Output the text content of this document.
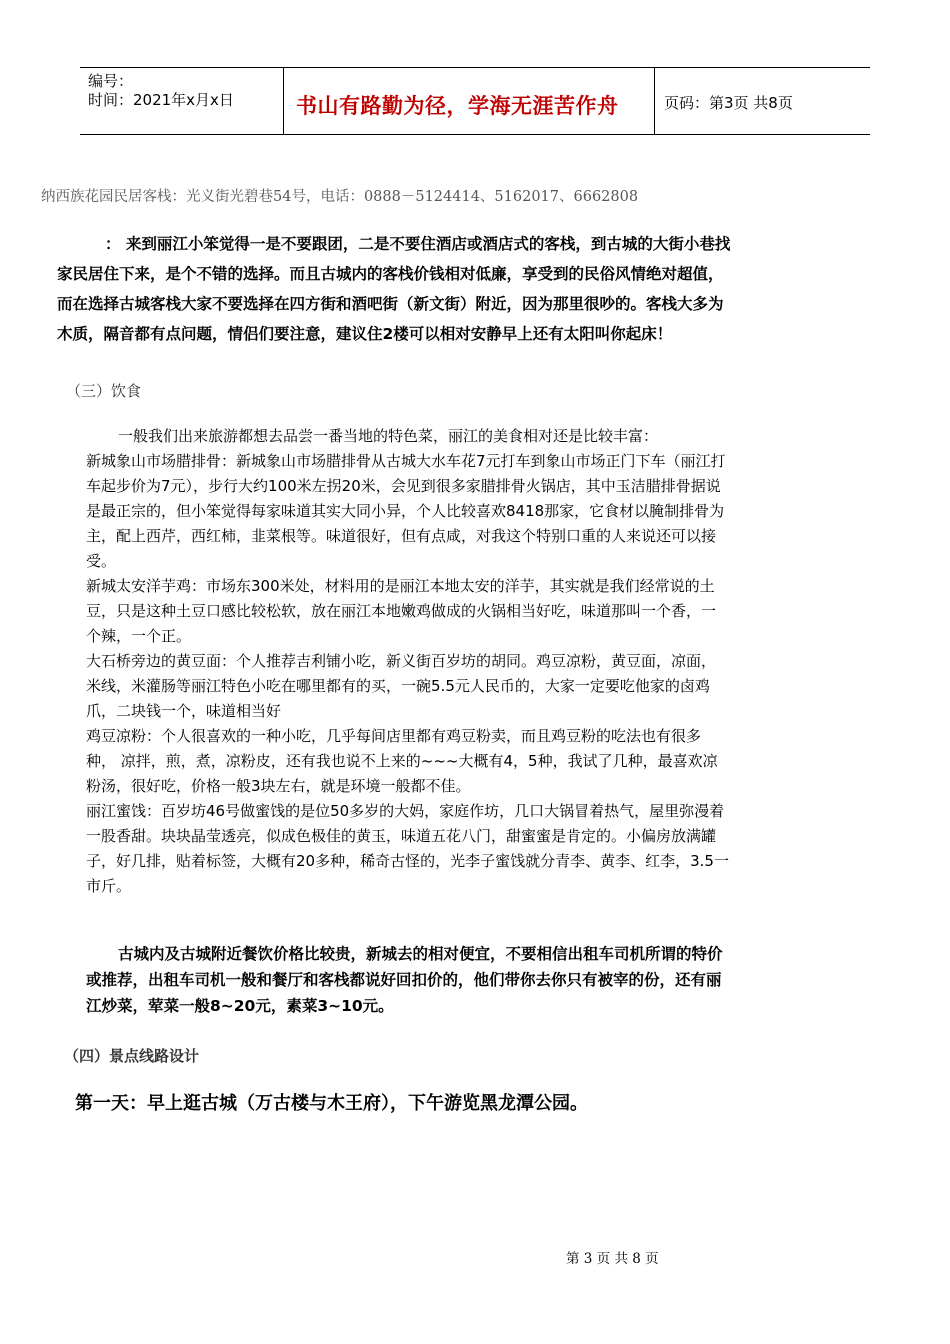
编号：
时间：2021年x月x日	书山有路勤为径，学海无涯苦作舟	页码：第3页 共8页
纳西族花园民居客栈：光义街光碧巷54号，电话：0888－5124414、5162017、6662808

： 来到丽江小笨觉得一是不要跟团，二是不要住酒店或酒店式的客栈，到古城的大街小巷找家民居住下来，是个不错的选择。而且古城内的客栈价钱相对低廉，享受到的民俗风情绝对超值，而在选择古城客栈大家不要选择在四方街和酒吧街（新文街）附近，因为那里很吵的。客栈大多为木质，隔音都有点问题，情侣们要注意，建议住2楼可以相对安静早上还有太阳叫你起床！

（三）饮食

一般我们出来旅游都想去品尝一番当地的特色菜，丽江的美食相对还是比较丰富：

新城象山市场腊排骨：新城象山市场腊排骨从古城大水车花7元打车到象山市场正门下车（丽江打车起步价为7元），步行大约100米左拐20米，会见到很多家腊排骨火锅店，其中玉洁腊排骨据说是最正宗的，但小笨觉得每家味道其实大同小异，个人比较喜欢8418那家，它食材以腌制排骨为主，配上西芹，西红柿，韭菜根等。味道很好，但有点咸，对我这个特别口重的人来说还可以接受。

新城太安洋芋鸡：市场东300米处，材料用的是丽江本地太安的洋芋，其实就是我们经常说的土豆，只是这种土豆口感比较松软，放在丽江本地嫩鸡做成的火锅相当好吃，味道那叫一个香，一个辣，一个正。

大石桥旁边的黄豆面：个人推荐吉利铺小吃，新义街百岁坊的胡同。鸡豆凉粉，黄豆面，凉面，米线，米灌肠等丽江特色小吃在哪里都有的买，一碗5.5元人民币的，大家一定要吃他家的卤鸡爪，二块钱一个，味道相当好

鸡豆凉粉：个人很喜欢的一种小吃，几乎每间店里都有鸡豆粉卖，而且鸡豆粉的吃法也有很多种， 凉拌，煎，煮，凉粉皮，还有我也说不上来的~~~大概有4，5种，我试了几种，最喜欢凉粉汤，很好吃，价格一般3块左右，就是环境一般都不佳。

丽江蜜饯：百岁坊46号做蜜饯的是位50多岁的大妈，家庭作坊，几口大锅冒着热气，屋里弥漫着一股香甜。块块晶莹透亮，似成色极佳的黄玉，味道五花八门，甜蜜蜜是肯定的。小偏房放满罐子，好几排，贴着标签，大概有20多种，稀奇古怪的，光李子蜜饯就分青李、黄李、红李，3.5一市斤。

古城内及古城附近餐饮价格比较贵，新城去的相对便宜，不要相信出租车司机所谓的特价或推荐，出租车司机一般和餐厅和客栈都说好回扣价的，他们带你去你只有被宰的份，还有丽江炒菜，荤菜一般8~20元，素菜3~10元。

（四）景点线路设计
第一天：早上逛古城（万古楼与木王府），下午游览黑龙潭公园。
第 3 页 共 8 页
